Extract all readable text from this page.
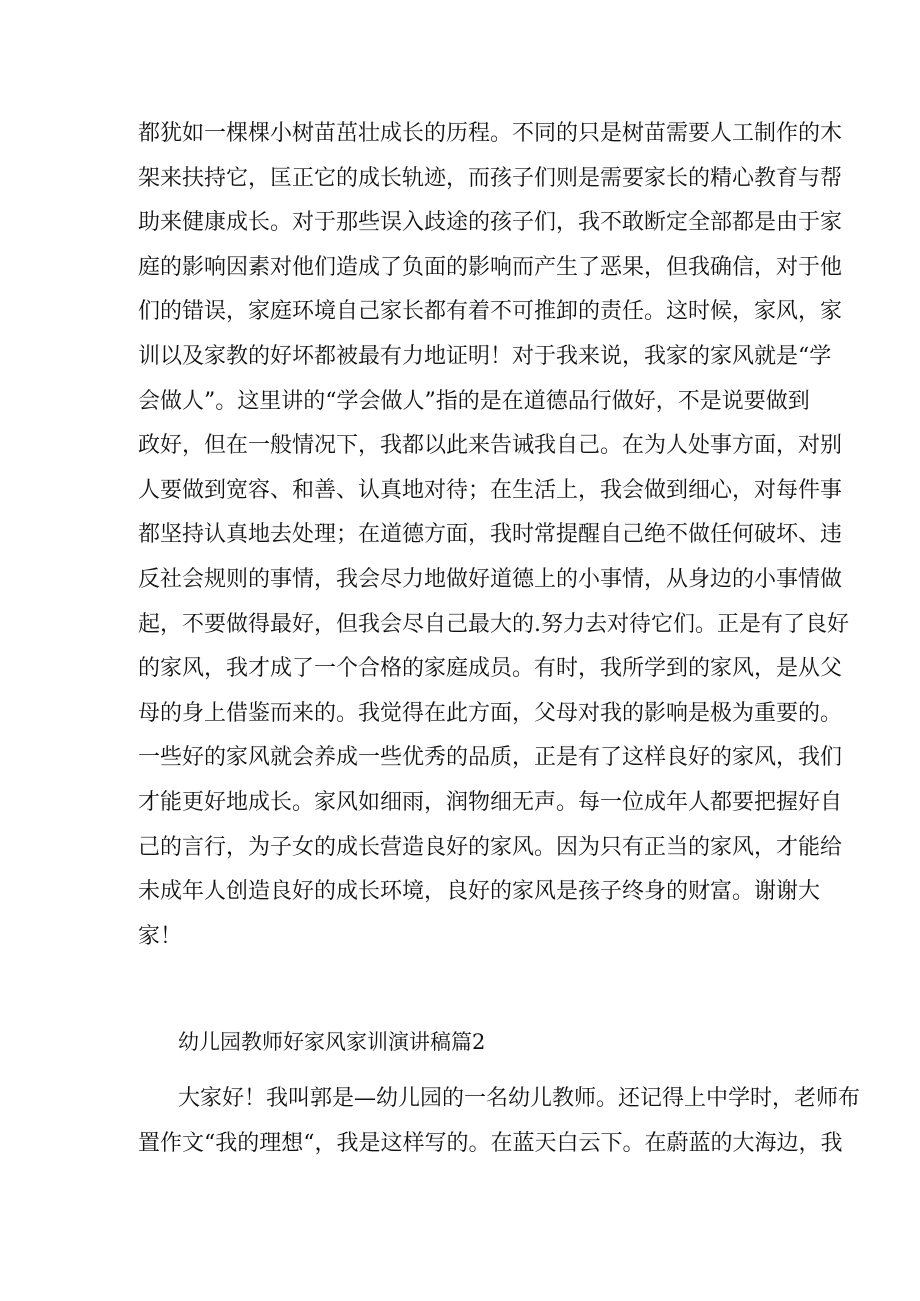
都犹如一棵棵小树苗茁壮成长的历程。不同的只是树苗需要人工制作的木
架来扶持它，匡正它的成长轨迹，而孩子们则是需要家长的精心教育与帮
助来健康成长。对于那些误入歧途的孩子们，我不敢断定全部都是由于家
庭的影响因素对他们造成了负面的影响而产生了恶果，但我确信，对于他
们的错误，家庭环境自己家长都有着不可推卸的责任。这时候，家风，家
训以及家教的好坏都被最有力地证明！对于我来说，我家的家风就是“学
会做人”。这里讲的“学会做人”指的是在道德品行做好，不是说要做到
政好，但在一般情况下，我都以此来告诫我自己。在为人处事方面，对别
人要做到宽容、和善、认真地对待；在生活上，我会做到细心，对每件事
都坚持认真地去处理；在道德方面，我时常提醒自己绝不做任何破坏、违
反社会规则的事情，我会尽力地做好道德上的小事情，从身边的小事情做
起，不要做得最好，但我会尽自己最大的.努力去对待它们。正是有了良好
的家风，我才成了一个合格的家庭成员。有时，我所学到的家风，是从父
母的身上借鉴而来的。我觉得在此方面，父母对我的影响是极为重要的。
一些好的家风就会养成一些优秀的品质，正是有了这样良好的家风，我们
才能更好地成长。家风如细雨，润物细无声。每一位成年人都要把握好自
己的言行，为子女的成长营造良好的家风。因为只有正当的家风，才能给
未成年人创造良好的成长环境，良好的家风是孩子终身的财富。谢谢大
家！
幼儿园教师好家风家训演讲稿篇2
大家好！我叫郭是—幼儿园的一名幼儿教师。还记得上中学时，老师布
置作文“我的理想“，我是这样写的。在蓝天白云下。在蔚蓝的大海边，我
